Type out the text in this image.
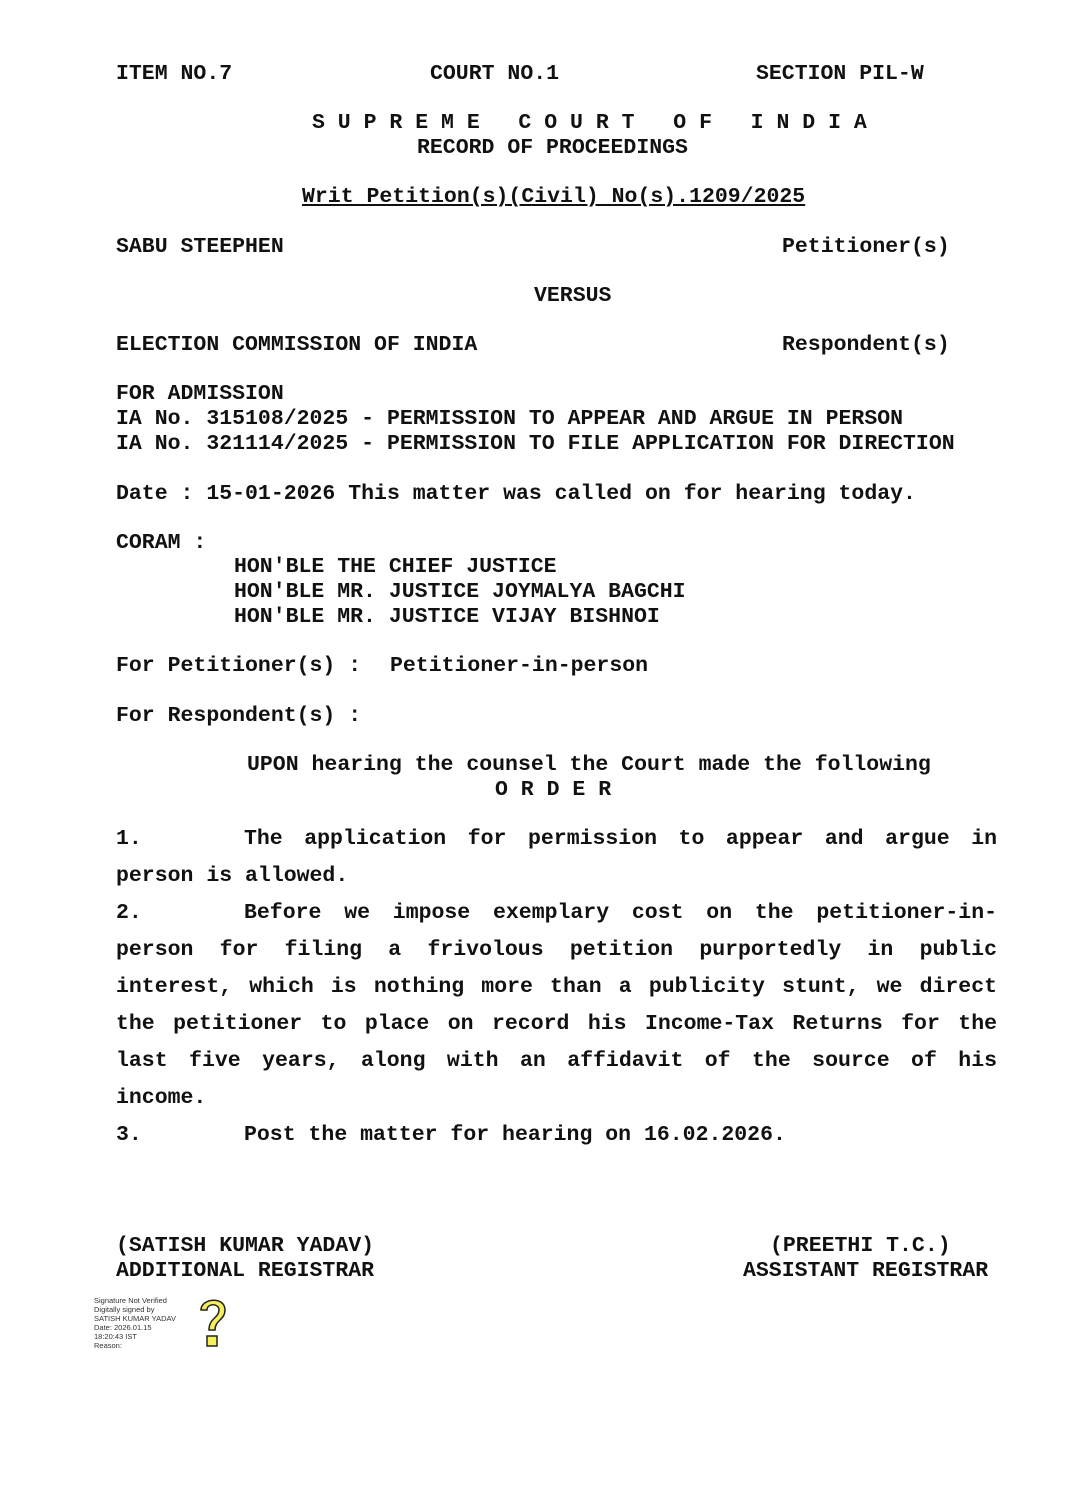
ITEM NO.7	COURT NO.1	SECTION PIL-W
S U P R E M E   C O U R T   O F   I N D I A
RECORD OF PROCEEDINGS
Writ Petition(s)(Civil) No(s).1209/2025
SABU STEEPHEN	Petitioner(s)
VERSUS
ELECTION COMMISSION OF INDIA	Respondent(s)
FOR ADMISSION
IA No. 315108/2025 - PERMISSION TO APPEAR AND ARGUE IN PERSON
IA No. 321114/2025 - PERMISSION TO FILE APPLICATION FOR DIRECTION
Date : 15-01-2026 This matter was called on for hearing today.
CORAM :
HON'BLE THE CHIEF JUSTICE
HON'BLE MR. JUSTICE JOYMALYA BAGCHI
HON'BLE MR. JUSTICE VIJAY BISHNOI
For Petitioner(s) : Petitioner-in-person
For Respondent(s) :
UPON hearing the counsel the Court made the following
O R D E R
1.	The application for permission to appear and argue in
person is allowed.
2.	Before we impose exemplary cost on the petitioner-in-
person for filing a frivolous petition purportedly in public
interest, which is nothing more than a publicity stunt, we direct
the petitioner to place on record his Income-Tax Returns for the
last five years, along with an affidavit of the source of his
income.
3.	Post the matter for hearing on 16.02.2026.
(SATISH KUMAR YADAV)
ADDITIONAL REGISTRAR
(PREETHI T.C.)
ASSISTANT REGISTRAR
Signature Not Verified
Digitally signed by
SATISH KUMAR YADAV
Date: 2026.01.15
18:20:43 IST
Reason:
